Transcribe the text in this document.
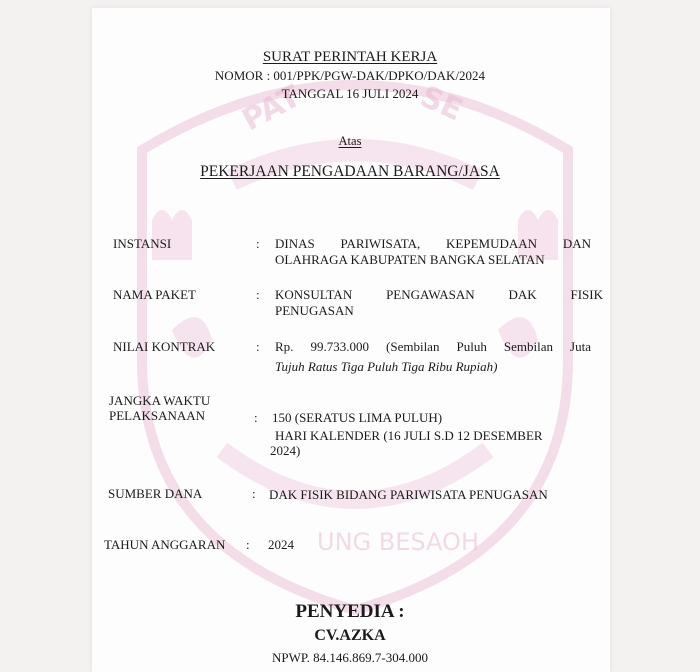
PAT	SE
UNG BESAOH
SURAT PERINTAH KERJA
NOMOR : 001/PPK/PGW-DAK/DPKO/DAK/2024
TANGGAL 16 JULI 2024
Atas
PEKERJAAN PENGADAAN BARANG/JASA
INSTANSI	: DINAS PARIWISATA, KEPEMUDAAN DAN
OLAHRAGA KABUPATEN BANGKA SELATAN
NAMA PAKET	: KONSULTAN PENGAWASAN DAK FISIK
PENUGASAN
NILAI KONTRAK	: Rp. 99.733.000 (Sembilan Puluh Sembilan Juta
Tujuh Ratus Tiga Puluh Tiga Ribu Rupiah)
JANGKA WAKTU
PELAKSANAAN	: 150 (SERATUS LIMA PULUH)
HARI KALENDER (16 JULI S.D 12 DESEMBER
2024)
SUMBER DANA	: DAK FISIK BIDANG PARIWISATA PENUGASAN
TAHUN ANGGARAN : 2024
PENYEDIA :
CV.AZKA
NPWP. 84.146.869.7-304.000
